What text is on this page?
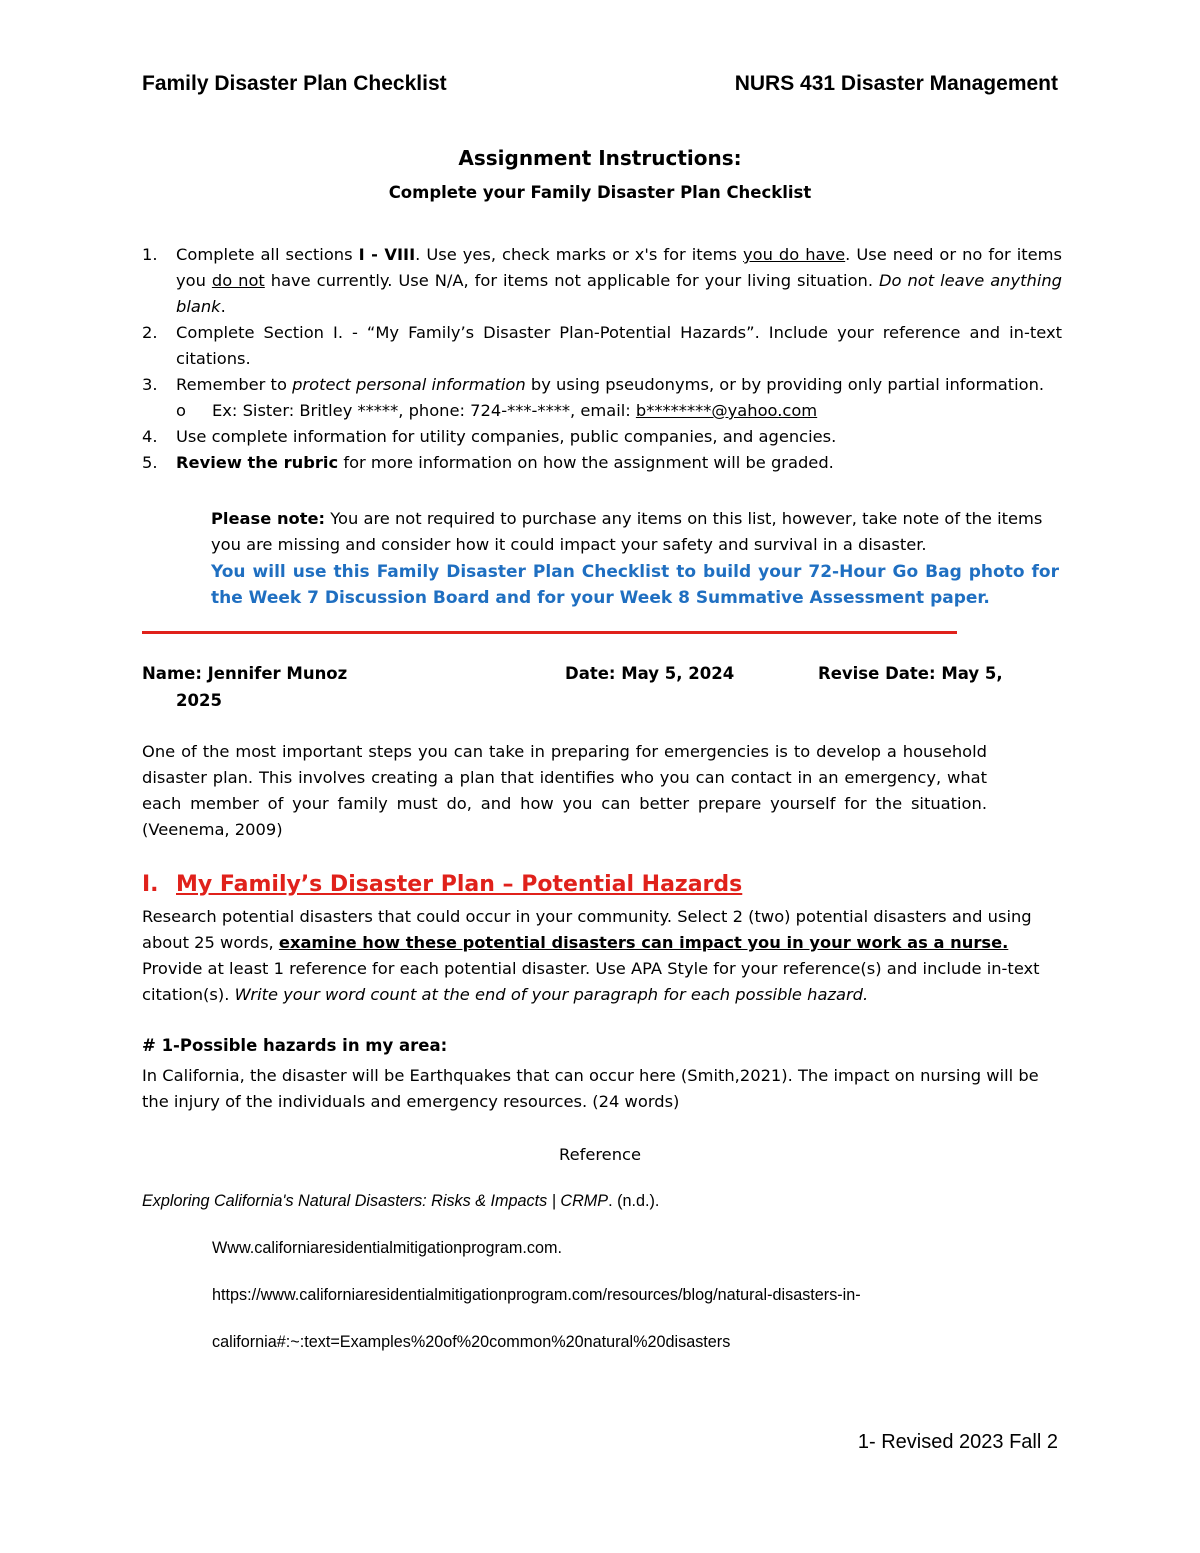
Family Disaster Plan Checklist	NURS 431 Disaster Management
Assignment Instructions:
Complete your Family Disaster Plan Checklist
1. Complete all sections I - VIII. Use yes, check marks or x's for items you do have. Use need or no for items you do not have currently. Use N/A, for items not applicable for your living situation. Do not leave anything blank.
2. Complete Section I. - “My Family’s Disaster Plan-Potential Hazards”. Include your reference and in-text citations.
3. Remember to protect personal information by using pseudonyms, or by providing only partial information.
o Ex: Sister: Britley *****, phone: 724-***-****, email: b********@yahoo.com
4. Use complete information for utility companies, public companies, and agencies.
5. Review the rubric for more information on how the assignment will be graded.
Please note: You are not required to purchase any items on this list, however, take note of the items you are missing and consider how it could impact your safety and survival in a disaster.
You will use this Family Disaster Plan Checklist to build your 72-Hour Go Bag photo for the Week 7 Discussion Board and for your Week 8 Summative Assessment paper.
Name: Jennifer Munoz	Date: May 5, 2024	Revise Date: May 5,
2025
One of the most important steps you can take in preparing for emergencies is to develop a household disaster plan. This involves creating a plan that identifies who you can contact in an emergency, what each member of your family must do, and how you can better prepare yourself for the situation. (Veenema, 2009)
I. My Family’s Disaster Plan – Potential Hazards
Research potential disasters that could occur in your community. Select 2 (two) potential disasters and using about 25 words, examine how these potential disasters can impact you in your work as a nurse. Provide at least 1 reference for each potential disaster. Use APA Style for your reference(s) and include in-text citation(s). Write your word count at the end of your paragraph for each possible hazard.
# 1-Possible hazards in my area:
In California, the disaster will be Earthquakes that can occur here (Smith,2021). The impact on nursing will be the injury of the individuals and emergency resources. (24 words)
Reference
Exploring California's Natural Disasters: Risks & Impacts | CRMP. (n.d.).
Www.californiaresidentialmitigationprogram.com.
https://www.californiaresidentialmitigationprogram.com/resources/blog/natural-disasters-in-
california#:~:text=Examples%20of%20common%20natural%20disasters
1- Revised 2023 Fall 2
